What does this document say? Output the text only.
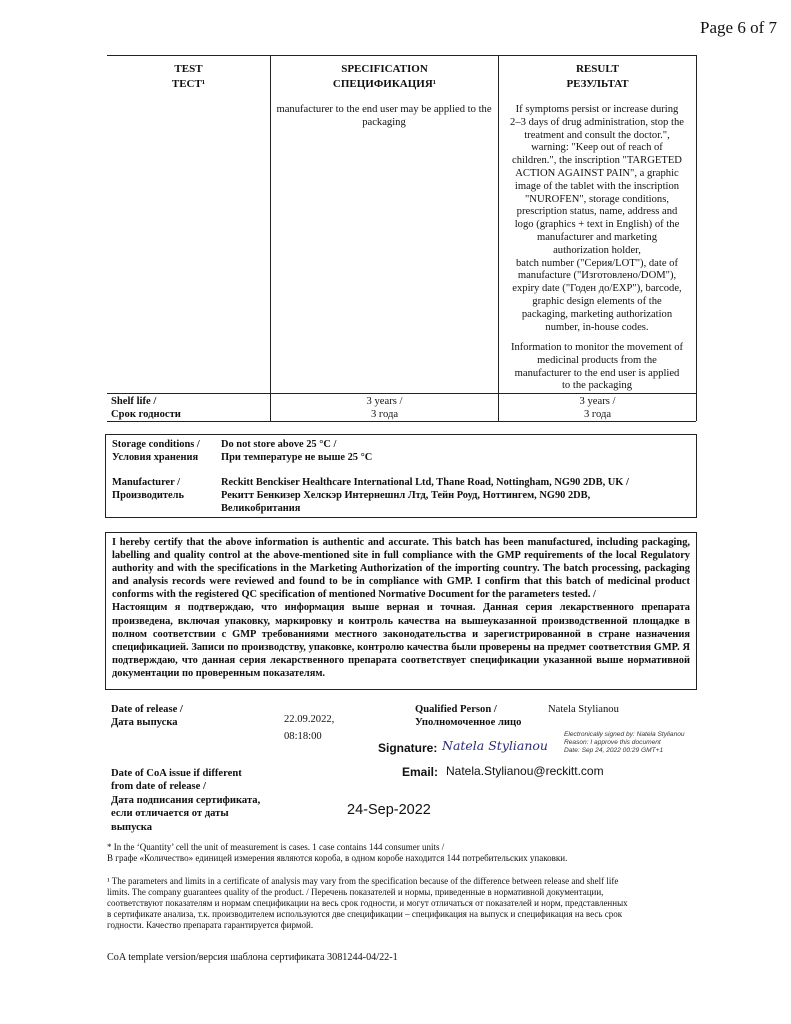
Page 6 of 7
TEST
ТЕСТ¹
SPECIFICATION
СПЕЦИФИКАЦИЯ¹
RESULT
РЕЗУЛЬТАТ
manufacturer to the end user may be applied to the packaging
If symptoms persist or increase during
2–3 days of drug administration, stop the
treatment and consult the doctor.",
warning: "Keep out of reach of
children.", the inscription "TARGETED
ACTION AGAINST PAIN", a graphic
image of the tablet with the inscription
"NUROFEN", storage conditions,
prescription status, name, address and
logo (graphics + text in English) of the
manufacturer and marketing
authorization holder,
batch number ("Серия/LOT"), date of
manufacture ("Изготовлено/DOM"),
expiry date ("Годен до/EXP"), barcode,
graphic design elements of the
packaging, marketing authorization
number, in-house codes.
Information to monitor the movement of
medicinal products from the
manufacturer to the end user is applied
to the packaging
Shelf life /
Срок годности
3 years /
3 года
3 years /
3 года
Storage conditions /
Условия хранения
Do not store above 25 °C /
При температуре не выше 25 °С
Manufacturer /
Производитель
Reckitt Benckiser Healthcare International Ltd, Thane Road, Nottingham, NG90 2DB, UK /
Рекитт Бенкизер Хелскэр Интернешнл Лтд, Тейн Роуд, Ноттингем, NG90 2DB,
Великобритания
I hereby certify that the above information is authentic and accurate. This batch has been manufactured, including packaging, labelling and quality control at the above-mentioned site in full compliance with the GMP requirements of the local Regulatory authority and with the specifications in the Marketing Authorization of the importing country. The batch processing, packaging and analysis records were reviewed and found to be in compliance with GMP. I confirm that this batch of medicinal product conforms with the registered QC specification of mentioned Normative Document for the parameters tested. /
Настоящим я подтверждаю, что информация выше верная и точная. Данная серия лекарственного препарата произведена, включая упаковку, маркировку и контроль качества на вышеуказанной производственной площадке в полном соответствии с GMP требованиями местного законодательства и зарегистрированной в стране назначения спецификацией. Записи по производству, упаковке, контролю качества были проверены на предмет соответствия GMP. Я подтверждаю, что данная серия лекарственного препарата соответствует спецификации указанной выше нормативной документации по проверенным показателям.
Date of release /
Дата выпуска	22.09.2022,
08:18:00
Qualified Person /
Уполномоченное лицо
Natela Stylianou
Signature: Natela Stylianou
Electronically signed by: Natela Stylianou
Reason: I approve this document
Date: Sep 24, 2022 00:29 GMT+1
Email: Natela.Stylianou@reckitt.com
Date of CoA issue if different
from date of release /
Дата подписания сертификата,
если отличается от даты
выпуска
24-Sep-2022
* In the ‘Quantity’ cell the unit of measurement is cases. 1 case contains 144 consumer units /
В графе «Количество» единицей измерения являются короба, в одном коробе находится 144 потребительских упаковки.
¹ The parameters and limits in a certificate of analysis may vary from the specification because of the difference between release and shelf life
limits. The company guarantees quality of the product. / Перечень показателей и нормы, приведенные в нормативной документации,
соответствуют показателям и нормам спецификации на весь срок годности, и могут отличаться от показателей и норм, представленных
в сертификате анализа, т.к. производителем используются две спецификации – спецификация на выпуск и спецификация на весь срок
годности. Качество препарата гарантируется фирмой.
CoA template version/версия шаблона сертификата 3081244-04/22-1
